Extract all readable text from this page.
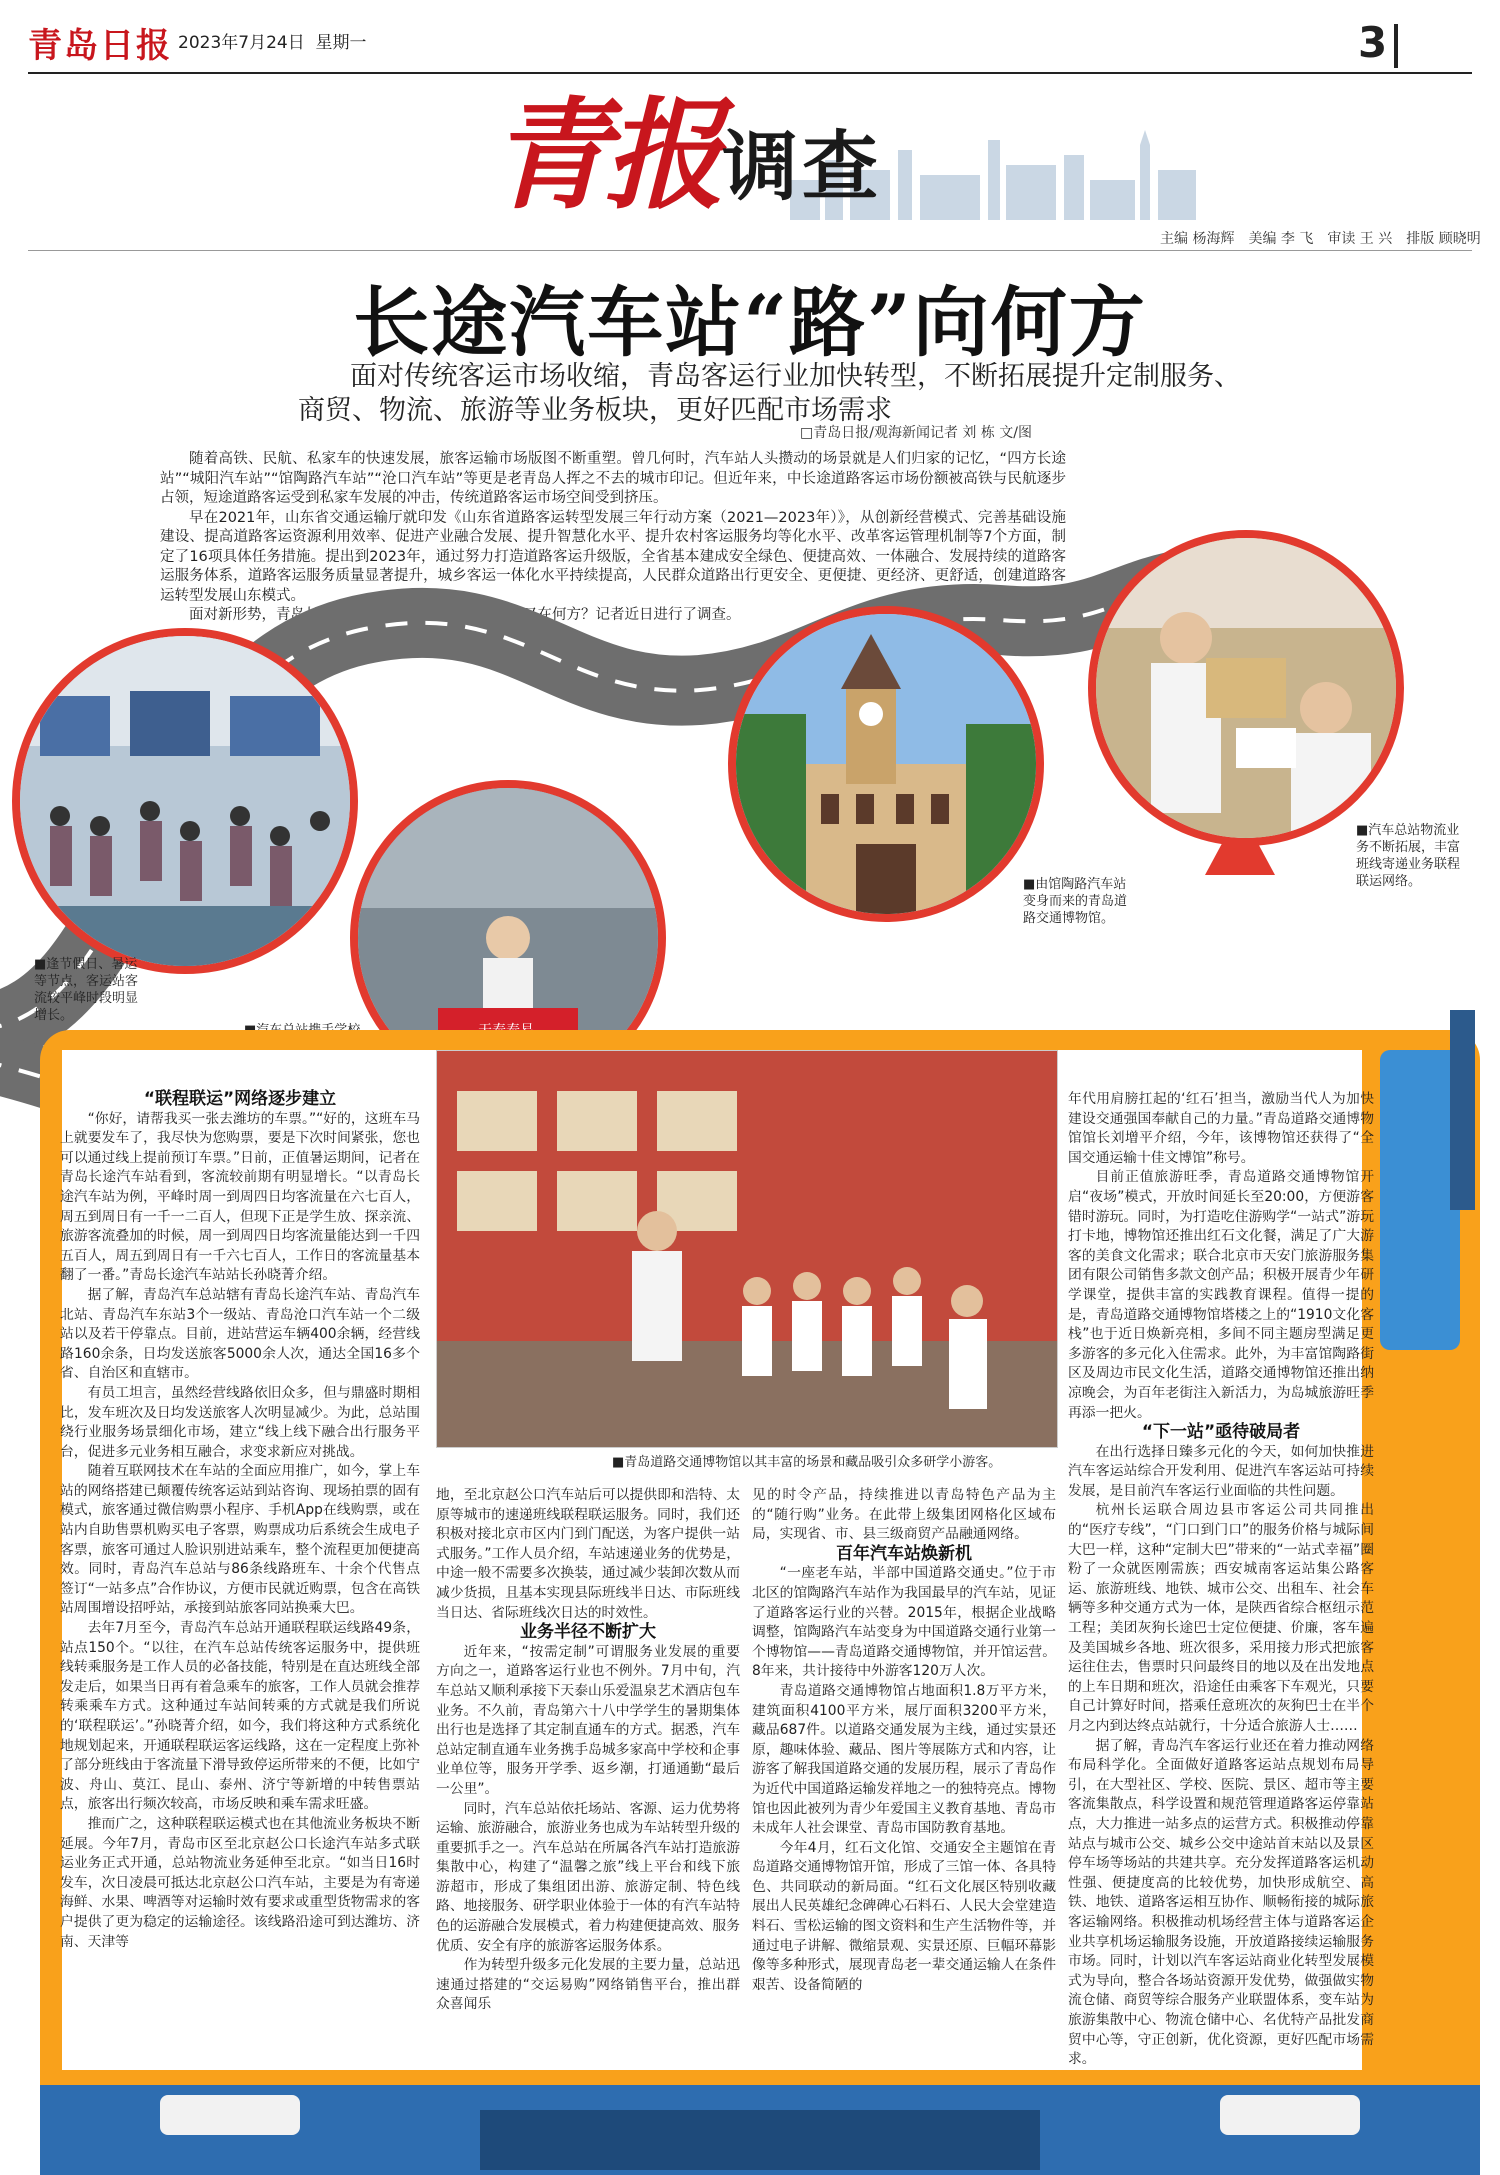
青岛日报 2023年7月24日 星期一	3
青报 调查
主编 杨海辉　美编 李 飞　审读 王 兴　排版 顾晓明
长途汽车站“路”向何方
面对传统客运市场收缩，青岛客运行业加快转型，不断拓展提升定制服务、
商贸、物流、旅游等业务板块，更好匹配市场需求
□青岛日报/观海新闻记者 刘 栋 文/图

随着高铁、民航、私家车的快速发展，旅客运输市场版图不断重塑。曾几何时，汽车站人头攒动的场景就是人们归家的记忆，“四方长途站”“城阳汽车站”“馆陶路汽车站”“沧口汽车站”等更是老青岛人挥之不去的城市印记。但近年来，中长途道路客运市场份额被高铁与民航逐步占领，短途道路客运受到私家车发展的冲击，传统道路客运市场空间受到挤压。

早在2021年，山东省交通运输厅就印发《山东省道路客运转型发展三年行动方案（2021—2023年）》，从创新经营模式、完善基础设施建设、提高道路客运资源利用效率、促进产业融合发展、提升智慧化水平、提升农村客运服务均等化水平、改革客运管理机制等7个方面，制定了16项具体任务措施。提出到2023年，通过努力打造道路客运升级版，全省基本建成安全绿色、便捷高效、一体融合、发展持续的道路客运服务体系，道路客运服务质量显著提升，城乡客运一体化水平持续提高，人民群众道路出行更安全、更便捷、更经济、更舒适，创建道路客运转型发展山东模式。

面对新形势，青岛长途客运站现状如何？其“下一站”又在何方？记者近日进行了调查。

■ 逢节假日、暑运等节点，客运站客流较平峰时段明显增长。
■
■ 由馆陶路汽车站变身而来的青岛道路交通博物馆。
■ 汽车总站物流业务不断拓展，丰富班线寄递业务联程联运网络。
■ 青岛道路交通博物馆以其丰富的场景和藏品吸引众多研学小游客。

“联程联运”网络逐步建立

“你好，请帮我买一张去潍坊的车票。”“好的，这班车马上就要发车了，我尽快为您购票，要是下次时间紧张，您也可以通过线上提前预订车票。”日前，正值暑运期间，记者在青岛长途汽车站看到，客流较前期有明显增长。“以青岛长途汽车站为例，平峰时周一到周四日均客流量在六七百人，周五到周日有一千一二百人，但现下正是学生放、探亲流、旅游客流叠加的时候，周一到周四日均客流量能达到一千四五百人，周五到周日有一千六七百人，工作日的客流量基本翻了一番。”青岛长途汽车站站长孙晓菁介绍。

据了解，青岛汽车总站辖有青岛长途汽车站、青岛汽车北站、青岛汽车东站3个一级站、青岛沧口汽车站一个二级站以及若干停靠点。目前，进站营运车辆400余辆，经营线路160余条，日均发送旅客5000余人次，通达全国16多个省、自治区和直辖市。

有员工坦言，虽然经营线路依旧众多，但与鼎盛时期相比，发车班次及日均发送旅客人次明显减少。为此，总站围绕行业服务场景细化市场，建立“线上线下融合出行服务平台，促进多元业务相互融合，求变求新应对挑战。

随着互联网技术在车站的全面应用推广，如今，掌上车站的网络搭建已颠覆传统客运站到站咨询、现场拍票的固有模式，旅客通过微信购票小程序、手机App在线购票，或在站内自助售票机购买电子客票，购票成功后系统会生成电子客票，旅客可通过人脸识别进站乘车，整个流程更加便捷高效。同时，青岛汽车总站与86条线路班车、十余个代售点签订“一站多点”合作协议，方便市民就近购票，包含在高铁站周围增设招呼站，承接到站旅客同站换乘大巴。

去年7月至今，青岛汽车总站开通联程联运线路49条，站点150个。“以往，在汽车总站传统客运服务中，提供班线转乘服务是工作人员的必备技能，特别是在直达班线全部发走后，如果当日再有着急乘车的旅客，工作人员就会推荐转乘乘车方式。这种通过车站间转乘的方式就是我们所说的‘联程联运’。”孙晓菁介绍，如今，我们将这种方式系统化地规划起来，开通联程联运客运线路，这在一定程度上弥补了部分班线由于客流量下滑导致停运所带来的不便，比如宁波、舟山、莫江、昆山、泰州、济宁等新增的中转售票站点，旅客出行频次较高，市场反映和乘车需求旺盛。

推而广之，这种联程联运模式也在其他流业务板块不断延展。今年7月，青岛市区至北京赵公口长途汽车站多式联运业务正式开通，总站物流业务延伸至北京。“如当日16时发车，次日凌晨可抵达北京赵公口汽车站，主要是为有寄递海鲜、水果、啤酒等对运输时效有要求或重型货物需求的客户提供了更为稳定的运输途径。该线路沿途可到达潍坊、济南、天津等

地，至北京赵公口汽车站后可以提供即和浩特、太原等城市的速递班线联程联运服务。同时，我们还积极对接北京市区内门到门配送，为客户提供一站式服务。”工作人员介绍，车站速递业务的优势是，中途一般不需要多次换装，通过减少装卸次数从而减少货损，且基本实现县际班线半日达、市际班线当日达、省际班线次日达的时效性。

业务半径不断扩大

近年来，“按需定制”可谓服务业发展的重要方向之一，道路客运行业也不例外。7月中旬，汽车总站又顺利承接下天泰山乐爱温泉艺术酒店包车业务。不久前，青岛第六十八中学学生的暑期集体出行也是选择了其定制直通车的方式。据悉，汽车总站定制直通车业务携手岛城多家高中学校和企事业单位等，服务开学季、返乡潮，打通通勤“最后一公里”。

同时，汽车总站依托场站、客源、运力优势将运输、旅游融合，旅游业务也成为车站转型升级的重要抓手之一。汽车总站在所属各汽车站打造旅游集散中心，构建了“温馨之旅”线上平台和线下旅游超市，形成了集组团出游、旅游定制、特色线路、地接服务、研学职业体验于一体的有汽车站特色的运游融合发展模式，着力构建便捷高效、服务优质、安全有序的旅游客运服务体系。

作为转型升级多元化发展的主要力量，总站迅速通过搭建的“交运易购”网络销售平台，推出群众喜闻乐

见的时令产品，持续推进以青岛特色产品为主的“随行购”业务。在此带上级集团网格化区域布局，实现省、市、县三级商贸产品融通网络。

百年汽车站焕新机

“一座老车站，半部中国道路交通史。”位于市北区的馆陶路汽车站作为我国最早的汽车站，见证了道路客运行业的兴替。2015年，根据企业战略调整，馆陶路汽车站变身为中国道路交通行业第一个博物馆——青岛道路交通博物馆，并开馆运营。8年来，共计接待中外游客120万人次。

青岛道路交通博物馆占地面积1.8万平方米，建筑面积4100平方米，展厅面积3200平方米，藏品687件。以道路交通发展为主线，通过实景还原，趣味体验、藏品、图片等展陈方式和内容，让游客了解我国道路交通的发展历程，展示了青岛作为近代中国道路运输发祥地之一的独特亮点。博物馆也因此被列为青少年爱国主义教育基地、青岛市未成年人社会课堂、青岛市国防教育基地。

今年4月，红石文化馆、交通安全主题馆在青岛道路交通博物馆开馆，形成了三馆一体、各具特色、共同联动的新局面。“红石文化展区特别收藏展出人民英雄纪念碑碑心石料石、人民大会堂建造料石、雪松运输的图文资料和生产生活物件等，并通过电子讲解、微缩景观、实景还原、巨幅环幕影像等多种形式，展现青岛老一辈交通运输人在条件艰苦、设备简陋的

年代用肩膀扛起的‘红石’担当，激励当代人为加快建设交通强国奉献自己的力量。”青岛道路交通博物馆馆长刘增平介绍，今年，该博物馆还获得了“全国交通运输十佳文博馆”称号。

目前正值旅游旺季，青岛道路交通博物馆开启“夜场”模式，开放时间延长至20:00，方便游客错时游玩。同时，为打造吃住游购学“一站式”游玩打卡地，博物馆还推出红石文化餐，满足了广大游客的美食文化需求；联合北京市天安门旅游服务集团有限公司销售多款文创产品；积极开展青少年研学课堂，提供丰富的实践教育课程。值得一提的是，青岛道路交通博物馆塔楼之上的“1910文化客栈”也于近日焕新亮相，多间不同主题房型满足更多游客的多元化入住需求。此外，为丰富馆陶路街区及周边市民文化生活，道路交通博物馆还推出纳凉晚会，为百年老街注入新活力，为岛城旅游旺季再添一把火。

“下一站”亟待破局者

在出行选择日臻多元化的今天，如何加快推进汽车客运站综合开发利用、促进汽车客运站可持续发展，是目前汽车客运行业面临的共性问题。

杭州长运联合周边县市客运公司共同推出的“医疗专线”，“门口到门口”的服务价格与城际间大巴一样，这种“定制大巴”带来的“一站式幸福”圈粉了一众就医刚需族；西安城南客运站集公路客运、旅游班线、地铁、城市公交、出租车、社会车辆等多种交通方式为一体，是陕西省综合枢纽示范工程；美团灰狗长途巴士定位便捷、价廉，客车遍及美国城乡各地、班次很多，采用接力形式把旅客运往住去，售票时只问最终目的地以及在出发地点的上车日期和班次，沿途任由乘客下车观光，只要自己计算好时间，搭乘任意班次的灰狗巴士在半个月之内到达终点站就行，十分适合旅游人士……

据了解，青岛汽车客运行业还在着力推动网络布局科学化。全面做好道路客运站点规划布局导引，在大型社区、学校、医院、景区、超市等主要客流集散点，科学设置和规范管理道路客运停靠站点，大力推进一站多点的运营方式。积极推动停靠站点与城市公交、城乡公交中途站首末站以及景区停车场等场站的共建共享。充分发挥道路客运机动性强、便捷度高的比较优势，加快形成航空、高铁、地铁、道路客运相互协作、顺畅衔接的城际旅客运输网络。积极推动机场经营主体与道路客运企业共享机场运输服务设施，开放道路接续运输服务市场。同时，计划以汽车客运站商业化转型发展模式为导向，整合各场站资源开发优势，做强做实物流仓储、商贸等综合服务产业联盟体系，变车站为旅游集散中心、物流仓储中心、名优特产品批发商贸中心等，守正创新，优化资源，更好匹配市场需求。
